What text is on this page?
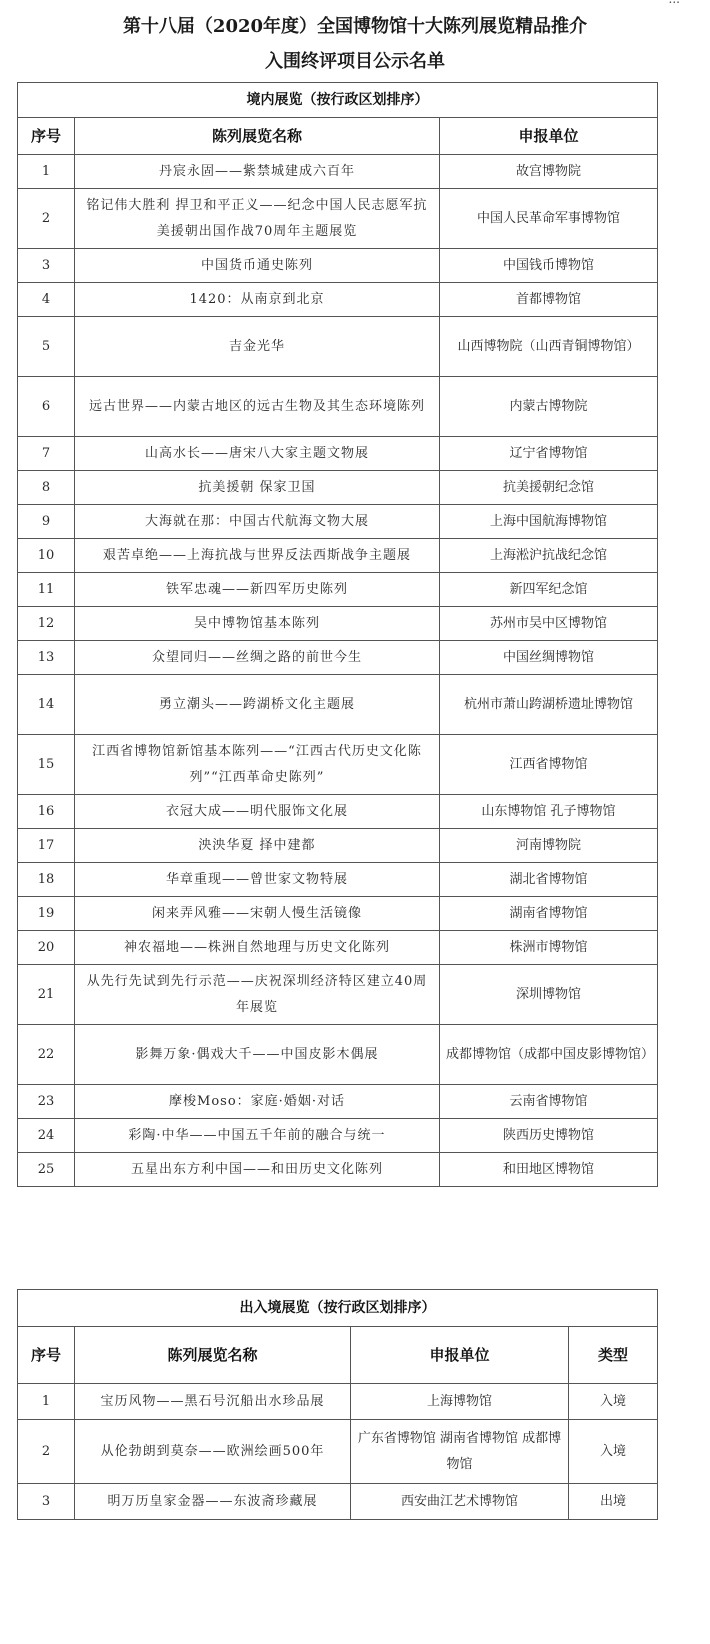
第十八届（2020年度）全国博物馆十大陈列展览精品推介
入围终评项目公示名单
境内展览（按行政区划排序）		
序号	陈列展览名称	申报单位
1	丹宸永固——紫禁城建成六百年	故宫博物院
2	铭记伟大胜利 捍卫和平正义——纪念中国人民志愿军抗美援朝出国作战70周年主题展览	中国人民革命军事博物馆
3	中国货币通史陈列	中国钱币博物馆
4	1420：从南京到北京	首都博物馆
5	吉金光华	山西博物院（山西青铜博物馆）
6	远古世界——内蒙古地区的远古生物及其生态环境陈列	内蒙古博物院
7	山高水长——唐宋八大家主题文物展	辽宁省博物馆
8	抗美援朝 保家卫国	抗美援朝纪念馆
9	大海就在那：中国古代航海文物大展	上海中国航海博物馆
10	艰苦卓绝——上海抗战与世界反法西斯战争主题展	上海淞沪抗战纪念馆
11	铁军忠魂——新四军历史陈列	新四军纪念馆
12	吴中博物馆基本陈列	苏州市吴中区博物馆
13	众望同归——丝绸之路的前世今生	中国丝绸博物馆
14	勇立潮头——跨湖桥文化主题展	杭州市萧山跨湖桥遗址博物馆
15	江西省博物馆新馆基本陈列——“江西古代历史文化陈列”“江西革命史陈列”	江西省博物馆
16	衣冠大成——明代服饰文化展	山东博物馆 孔子博物馆
17	泱泱华夏 择中建都	河南博物院
18	华章重现——曾世家文物特展	湖北省博物馆
19	闲来弄风雅——宋朝人慢生活镜像	湖南省博物馆
20	神农福地——株洲自然地理与历史文化陈列	株洲市博物馆
21	从先行先试到先行示范——庆祝深圳经济特区建立40周年展览	深圳博物馆
22	影舞万象·偶戏大千——中国皮影木偶展	成都博物馆（成都中国皮影博物馆）
23	摩梭Moso：家庭·婚姻·对话	云南省博物馆
24	彩陶·中华——中国五千年前的融合与统一	陕西历史博物馆
25	五星出东方利中国——和田历史文化陈列	和田地区博物馆
出入境展览（按行政区划排序）			
序号	陈列展览名称	申报单位	类型
1	宝历风物——黑石号沉船出水珍品展	上海博物馆	入境
2	从伦勃朗到莫奈——欧洲绘画500年	广东省博物馆 湖南省博物馆 成都博物馆	入境
3	明万历皇家金器——东波斋珍藏展	西安曲江艺术博物馆	出境
